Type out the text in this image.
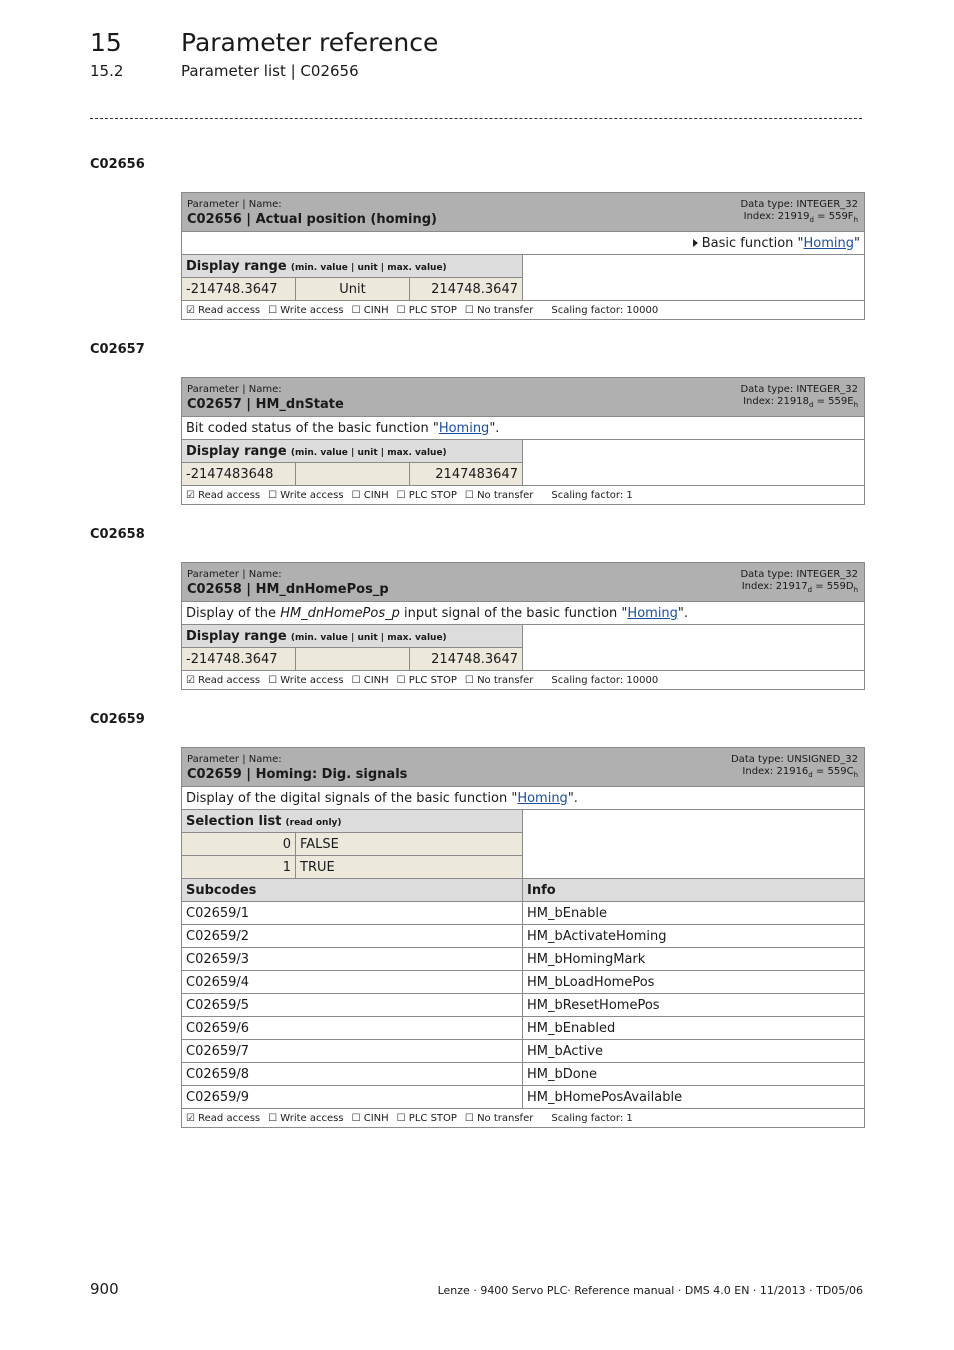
15 Parameter reference
15.2	Parameter list | C02656
C02656
Parameter | Name:
C02656 | Actual position (homing)
Data type: INTEGER_32
Index: $21919_d = 559F_h$

Basic function "Homing"			
Display range (min. value | unit | max. value)			
-214748.3647	Unit	214748.3647	
☑ Read access ☐ Write access ☐ CINH ☐ PLC STOP ☐ No transfer Scaling factor: 10000			
C02657
Parameter | Name:
C02657 | HM_dnState
Data type: INTEGER_32
Index: $21918_d = 559E_h$

Bit coded status of the basic function "Homing".			
Display range (min. value | unit | max. value)			
-2147483648		2147483647	
☑ Read access ☐ Write access ☐ CINH ☐ PLC STOP ☐ No transfer Scaling factor: 1			
C02658
Parameter | Name:
C02658 | HM_dnHomePos_p
Data type: INTEGER_32
Index: $21917_d = 559D_h$

Display of the HM_dnHomePos_p input signal of the basic function "Homing".			
Display range (min. value | unit | max. value)			
-214748.3647		214748.3647	
☑ Read access ☐ Write access ☐ CINH ☐ PLC STOP ☐ No transfer Scaling factor: 10000			
C02659
Parameter | Name:
C02659 | Homing: Dig. signals
Data type: UNSIGNED_32
Index: $21916_d = 559C_h$

Display of the digital signals of the basic function "Homing".		
Selection list (read only)		
0	FALSE	
1	TRUE	
Subcodes		Info
C02659/1		HM_bEnable
C02659/2		HM_bActivateHoming
C02659/3		HM_bHomingMark
C02659/4		HM_bLoadHomePos
C02659/5		HM_bResetHomePos
C02659/6		HM_bEnabled
C02659/7		HM_bActive
C02659/8		HM_bDone
C02659/9		HM_bHomePosAvailable
☑ Read access ☐ Write access ☐ CINH ☐ PLC STOP ☐ No transfer Scaling factor: 1		
900	Lenze · 9400 Servo PLC· Reference manual · DMS 4.0 EN · 11/2013 · TD05/06
